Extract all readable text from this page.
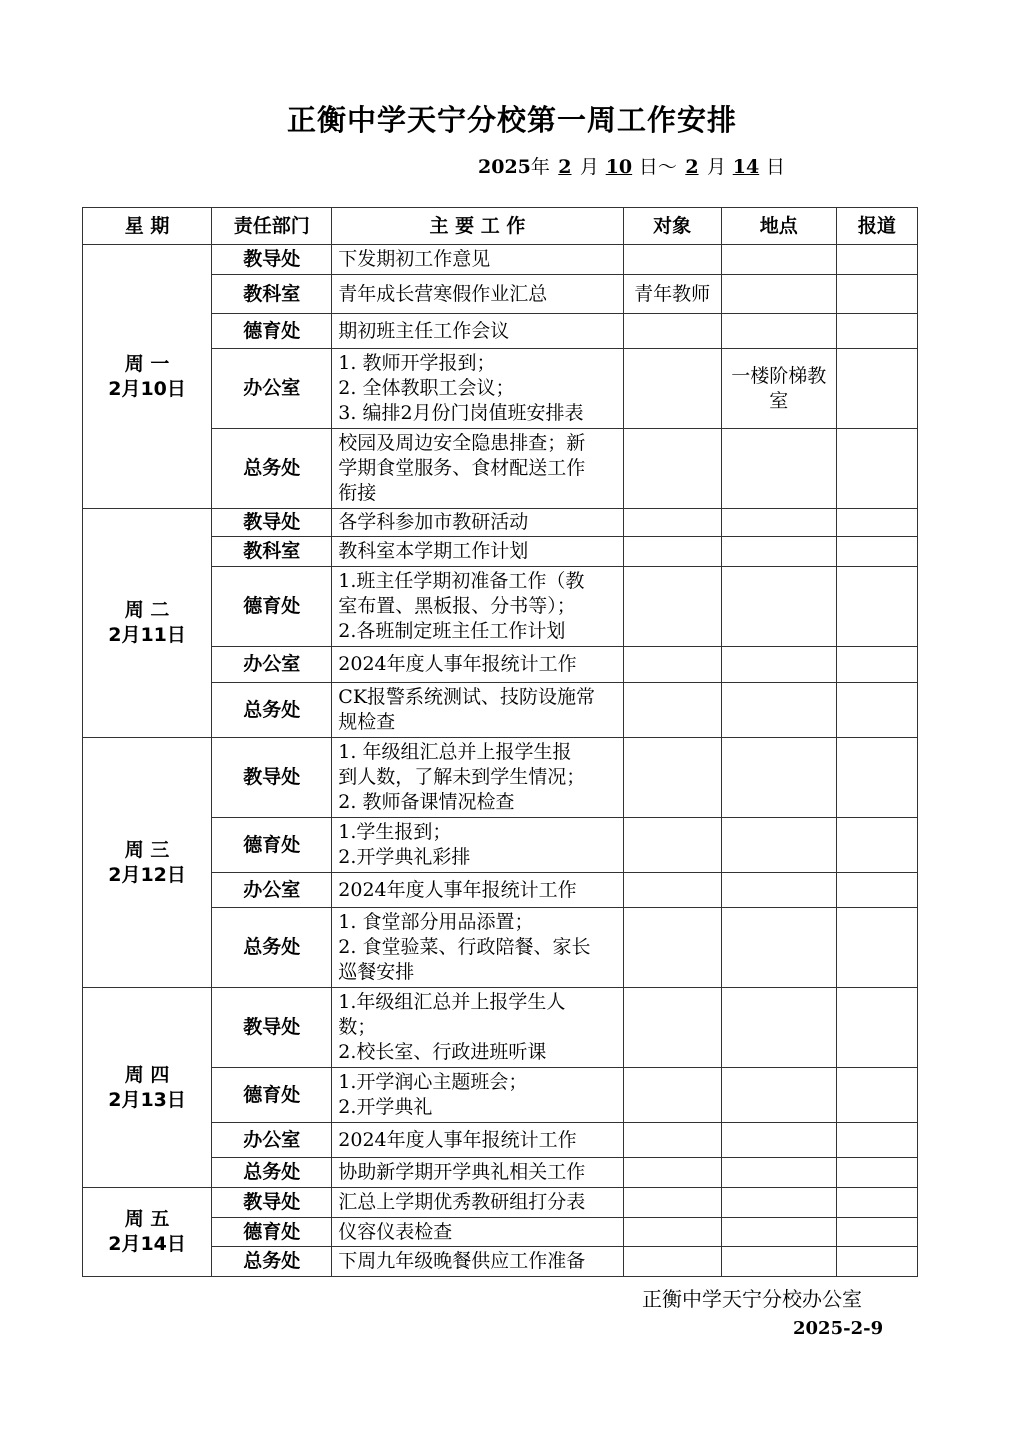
正衡中学天宁分校第一周工作安排
2025年 2 月 10 日～ 2 月 14 日
星 期	责任部门	主 要 工 作	对象	地点	报道

周 一
2月10日	教导处	下发期初工作意见			

	教科室	青年成长营寒假作业汇总	青年教师		
	德育处	期初班主任工作会议			

	办公室	1. 教师开学报到；
2. 全体教职工会议；
3. 编排2月份门岗值班安排表		一楼阶梯教室	
	总务处	校园及周边安全隐患排查；新
学期食堂服务、食材配送工作
衔接			

周 二
2月11日	教导处	各学科参加市教研活动			

	教科室	教科室本学期工作计划			

	德育处	1.班主任学期初准备工作（教
室布置、黑板报、分书等）；
2.各班制定班主任工作计划			

	办公室	2024年度人事年报统计工作			

	总务处	CK报警系统测试、技防设施常
规检查			

周 三
2月12日	教导处	1. 年级组汇总并上报学生报
到人数，了解未到学生情况；
2. 教师备课情况检查			

	德育处	1.学生报到；
2.开学典礼彩排			

	办公室	2024年度人事年报统计工作			

	总务处	1. 食堂部分用品添置；
2. 食堂验菜、行政陪餐、家长
巡餐安排			

周 四
2月13日	教导处	1.年级组汇总并上报学生人
数；
2.校长室、行政进班听课			

	德育处	1.开学润心主题班会；
2.开学典礼			

	办公室	2024年度人事年报统计工作			

	总务处	协助新学期开学典礼相关工作			

周 五
2月14日	教导处	汇总上学期优秀教研组打分表			

	德育处	仪容仪表检查			

	总务处	下周九年级晚餐供应工作准备			

正衡中学天宁分校办公室
2025-2-9
